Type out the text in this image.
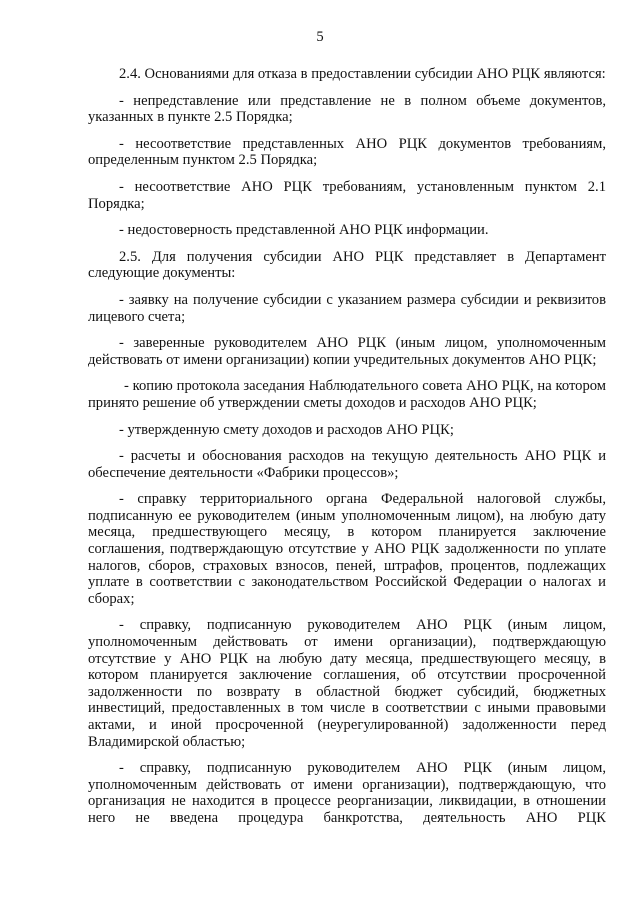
5

2.4. Основаниями для отказа в предоставлении субсидии АНО РЦК являются:

- непредставление или представление не в полном объеме документов, указанных в пункте 2.5 Порядка;

- несоответствие представленных АНО РЦК документов требованиям, определенным пунктом 2.5 Порядка;

- несоответствие АНО РЦК требованиям, установленным пунктом 2.1 Порядка;

- недостоверность представленной АНО РЦК информации.

2.5. Для получения субсидии АНО РЦК представляет в Департамент следующие документы:

- заявку на получение субсидии с указанием размера субсидии и реквизитов лицевого счета;

- заверенные руководителем АНО РЦК (иным лицом, уполномоченным действовать от имени организации) копии учредительных документов АНО РЦК;

- копию протокола заседания Наблюдательного совета АНО РЦК, на котором принято решение об утверждении сметы доходов и расходов АНО РЦК;

- утвержденную смету доходов и расходов АНО РЦК;

- расчеты и обоснования расходов на текущую деятельность АНО РЦК и обеспечение деятельности «Фабрики процессов»;

- справку территориального органа Федеральной налоговой службы, подписанную ее руководителем (иным уполномоченным лицом), на любую дату месяца, предшествующего месяцу, в котором планируется заключение соглашения, подтверждающую отсутствие у АНО РЦК задолженности по уплате налогов, сборов, страховых взносов, пеней, штрафов, процентов, подлежащих уплате в соответствии с законодательством Российской Федерации о налогах и сборах;

- справку, подписанную руководителем АНО РЦК (иным лицом, уполномоченным действовать от имени организации), подтверждающую отсутствие у АНО РЦК на любую дату месяца, предшествующего месяцу, в котором планируется заключение соглашения, об отсутствии просроченной задолженности по возврату в областной бюджет субсидий, бюджетных инвестиций, предоставленных в том числе в соответствии с иными правовыми актами, и иной просроченной (неурегулированной) задолженности перед Владимирской областью;

- справку, подписанную руководителем АНО РЦК (иным лицом, уполномоченным действовать от имени организации), подтверждающую, что организация не находится в процессе реорганизации, ликвидации, в отношении него не введена процедура банкротства, деятельность АНО РЦК
